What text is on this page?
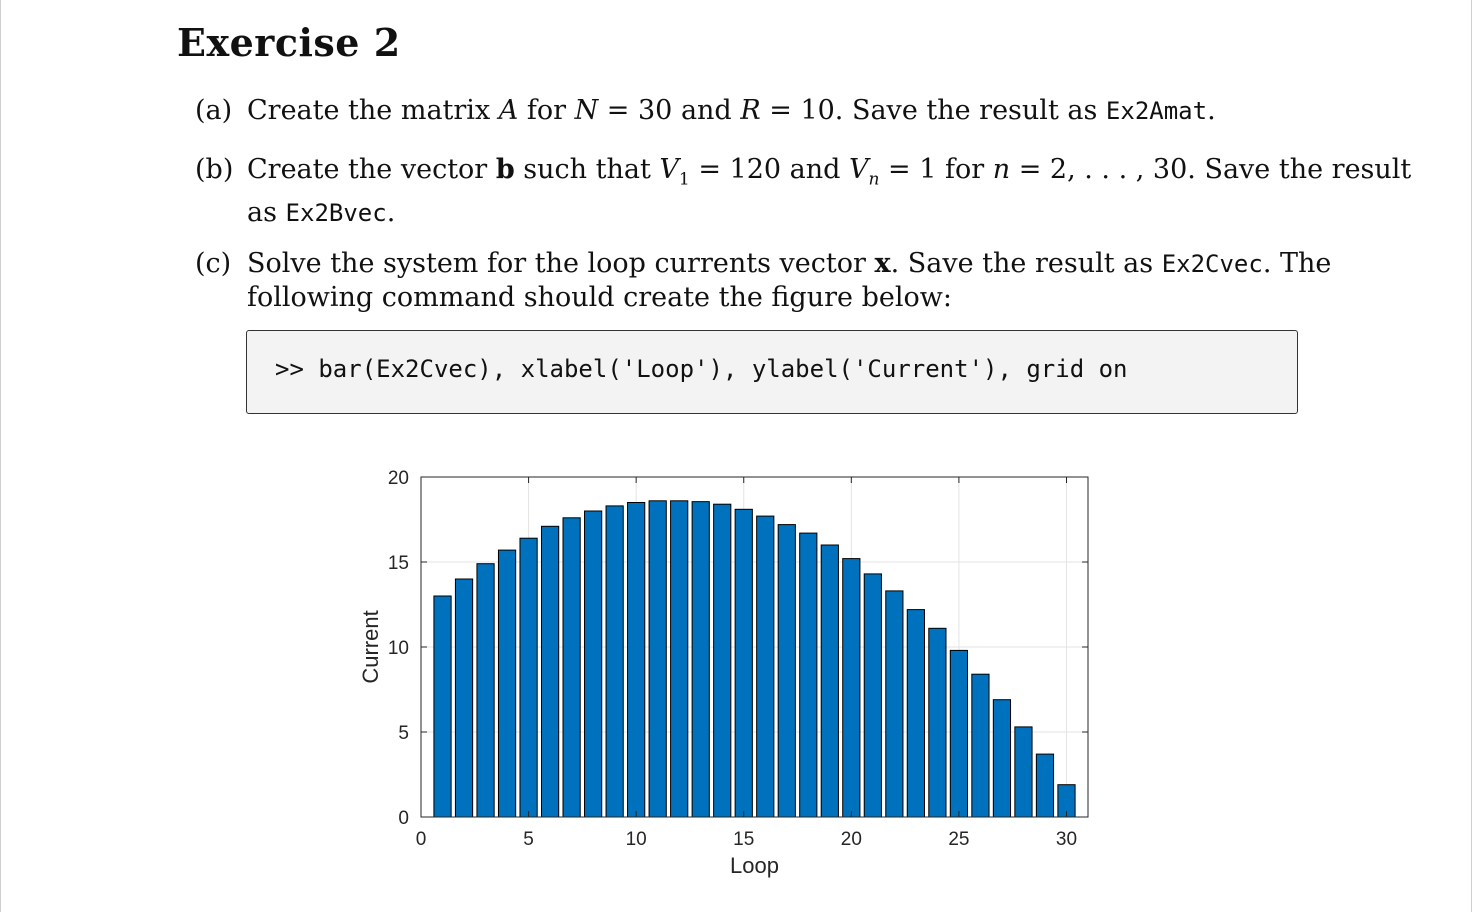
Exercise 2
(a) Create the matrix A for N = 30 and R = 10. Save the result as Ex2Amat.
(b) Create the vector b such that $V_1 = 120$ and $V_n = 1$ for n = 2, . . . , 30. Save the result
as Ex2Bvec.
(c) Solve the system for the loop currents vector x. Save the result as Ex2Cvec. The
following command should create the figure below:
>> bar(Ex2Cvec), xlabel('Loop'), ylabel('Current'), grid on
0	5	10	15	20	25	30
0
5
10
15
20
Loop
Current
